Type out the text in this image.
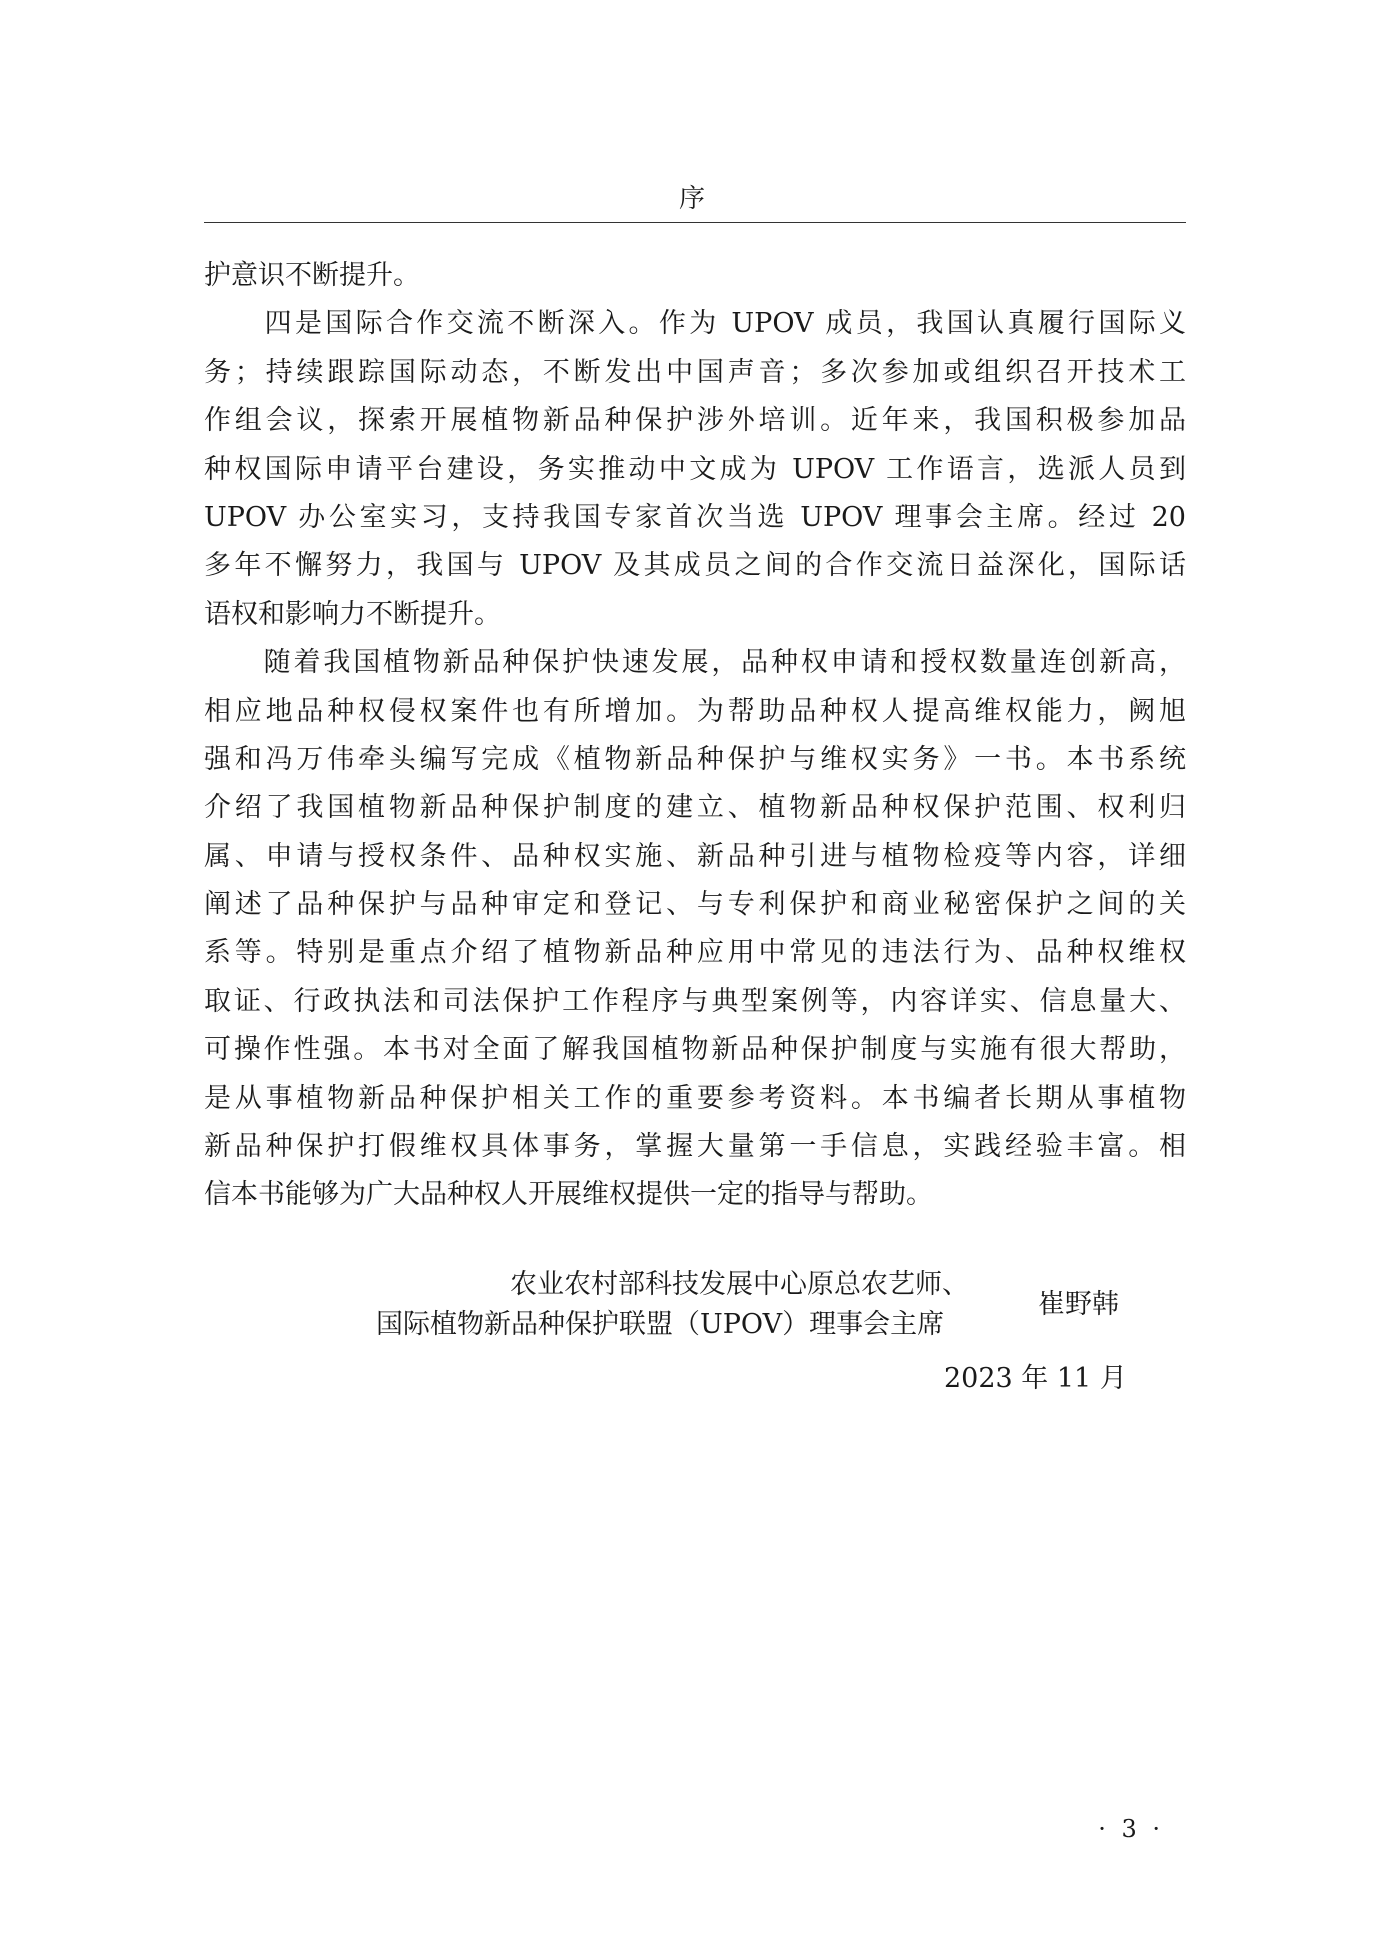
序
护意识不断提升。
　　四是国际合作交流不断深入。作为 UPOV 成员，我国认真履行国际义
务；持续跟踪国际动态，不断发出中国声音；多次参加或组织召开技术工
作组会议，探索开展植物新品种保护涉外培训。近年来，我国积极参加品
种权国际申请平台建设，务实推动中文成为 UPOV 工作语言，选派人员到
UPOV 办公室实习，支持我国专家首次当选 UPOV 理事会主席。经过 20
多年不懈努力，我国与 UPOV 及其成员之间的合作交流日益深化，国际话
语权和影响力不断提升。
　　随着我国植物新品种保护快速发展，品种权申请和授权数量连创新高，
相应地品种权侵权案件也有所增加。为帮助品种权人提高维权能力，阙旭
强和冯万伟牵头编写完成《植物新品种保护与维权实务》一书。本书系统
介绍了我国植物新品种保护制度的建立、植物新品种权保护范围、权利归
属、申请与授权条件、品种权实施、新品种引进与植物检疫等内容，详细
阐述了品种保护与品种审定和登记、与专利保护和商业秘密保护之间的关
系等。特别是重点介绍了植物新品种应用中常见的违法行为、品种权维权
取证、行政执法和司法保护工作程序与典型案例等，内容详实、信息量大、
可操作性强。本书对全面了解我国植物新品种保护制度与实施有很大帮助，
是从事植物新品种保护相关工作的重要参考资料。本书编者长期从事植物
新品种保护打假维权具体事务，掌握大量第一手信息，实践经验丰富。相
信本书能够为广大品种权人开展维权提供一定的指导与帮助。
农业农村部科技发展中心原总农艺师、
国际植物新品种保护联盟（UPOV）理事会主席
崔野韩
2023 年 11 月
· 3 ·
